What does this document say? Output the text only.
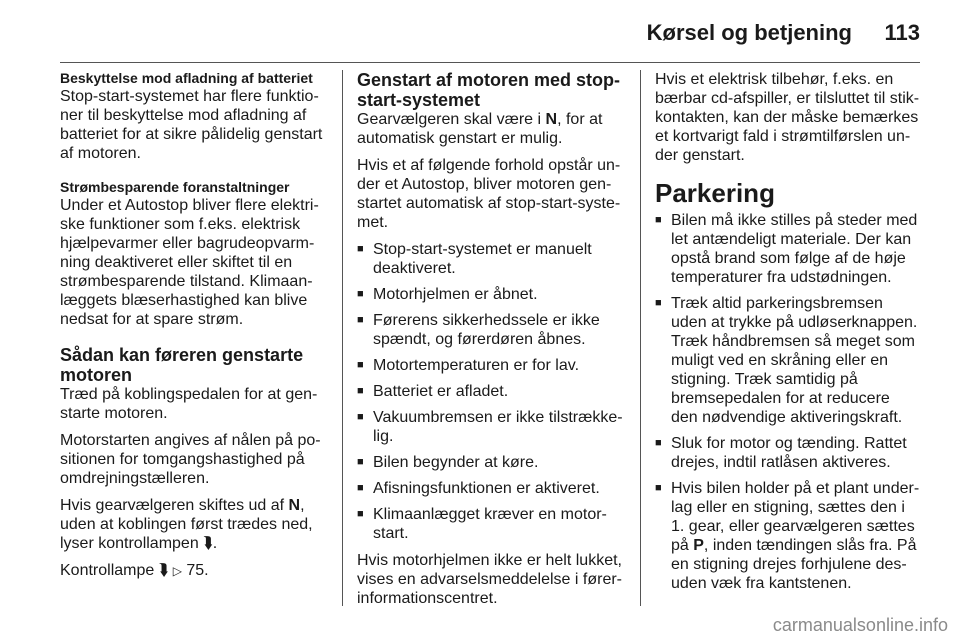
Kørsel og betjening 113

Beskyttelse mod afladning af batteriet

Stop-start-systemet har flere funktioner til beskyttelse mod afladning af batteriet for at sikre pålidelig genstart af motoren.

Strømbesparende foranstaltninger

Under et Autostop bliver flere elektriske funktioner som f.eks. elektrisk hjælpevarmer eller bagrudeopvarmning deaktiveret eller skiftet til en strømbesparende tilstand. Klimaanlæggets blæserhastighed kan blive nedsat for at spare strøm.

Sådan kan føreren genstarte motoren

Træd på koblingspedalen for at genstarte motoren.

Motorstarten angives af nålen på positionen for tomgangshastighed på omdrejningstælleren.

Hvis gearvælgeren skiftes ud af N, uden at koblingen først trædes ned, lyser kontrollampen ⮯.

Kontrollampe ⮯ ▷ 75.

Genstart af motoren med stop-start-systemet

Gearvælgeren skal være i N, for at automatisk genstart er mulig.

Hvis et af følgende forhold opstår under et Autostop, bliver motoren genstartet automatisk af stop-start-systemet.

■ Stop-start-systemet er manuelt deaktiveret.
■ Motorhjelmen er åbnet.
■ Førerens sikkerhedssele er ikke spændt, og førerdøren åbnes.
■ Motortemperaturen er for lav.
■ Batteriet er afladet.
■ Vakuumbremsen er ikke tilstrækkelig.
■ Bilen begynder at køre.
■ Afisningsfunktionen er aktiveret.
■ Klimaanlægget kræver en motorstart.

Hvis motorhjelmen ikke er helt lukket, vises en advarselsmeddelelse i førerinformationscentret.

Hvis et elektrisk tilbehør, f.eks. en bærbar cd-afspiller, er tilsluttet til stikkontakten, kan der måske bemærkes et kortvarigt fald i strømtilførslen under genstart.

Parkering

■ Bilen må ikke stilles på steder med let antændeligt materiale. Der kan opstå brand som følge af de høje temperaturer fra udstødningen.
■ Træk altid parkeringsbremsen uden at trykke på udløserknappen. Træk håndbremsen så meget som muligt ved en skråning eller en stigning. Træk samtidig på bremsepedalen for at reducere den nødvendige aktiveringskraft.
■ Sluk for motor og tænding. Rattet drejes, indtil ratlåsen aktiveres.
■ Hvis bilen holder på et plant underlag eller en stigning, sættes den i 1. gear, eller gearvælgeren sættes på P, inden tændingen slås fra. På en stigning drejes forhjulene desuden væk fra kantstenen.
carmanualsonline.info
